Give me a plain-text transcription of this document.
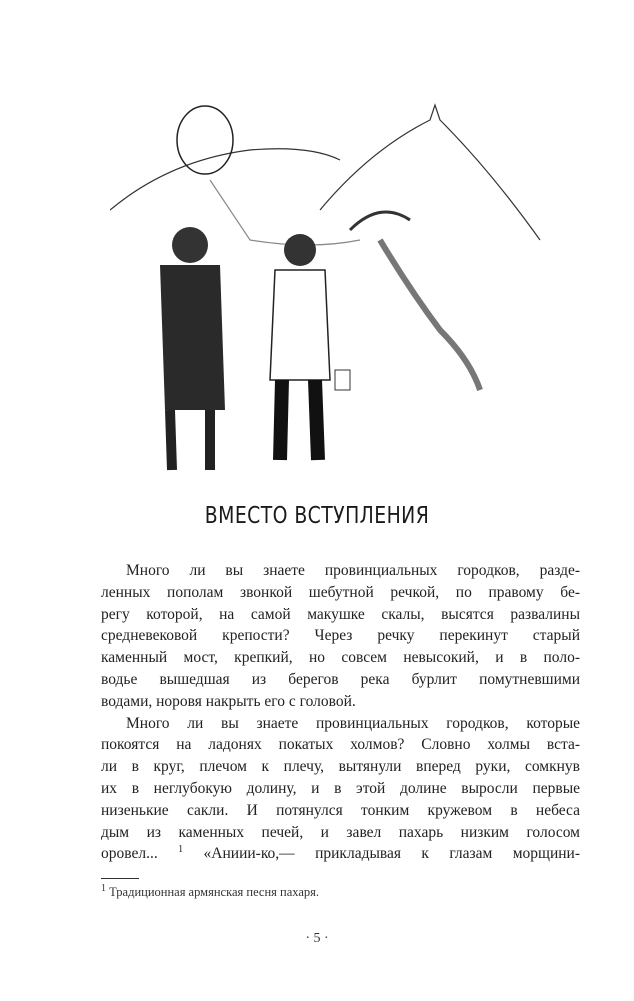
ВМЕСТО ВСТУПЛЕНИЯ
Много ли вы знаете провинциальных городков, разде-
ленных пополам звонкой шебутной речкой, по правому бе-
регу которой, на самой макушке скалы, высятся развалины
средневековой крепости? Через речку перекинут старый
каменный мост, крепкий, но совсем невысокий, и в поло-
водье вышедшая из берегов река бурлит помутневшими
водами, норовя накрыть его с головой.
Много ли вы знаете провинциальных городков, которые
покоятся на ладонях покатых холмов? Словно холмы вста-
ли в круг, плечом к плечу, вытянули вперед руки, сомкнув
их в неглубокую долину, и в этой долине выросли первые
низенькие сакли. И потянулся тонким кружевом в небеса
дым из каменных печей, и завел пахарь низким голосом
оровел... $^1$ «Аниии-ко,— прикладывая к глазам морщини-
$^1$ Традиционная армянская песня пахаря.
· 5 ·
